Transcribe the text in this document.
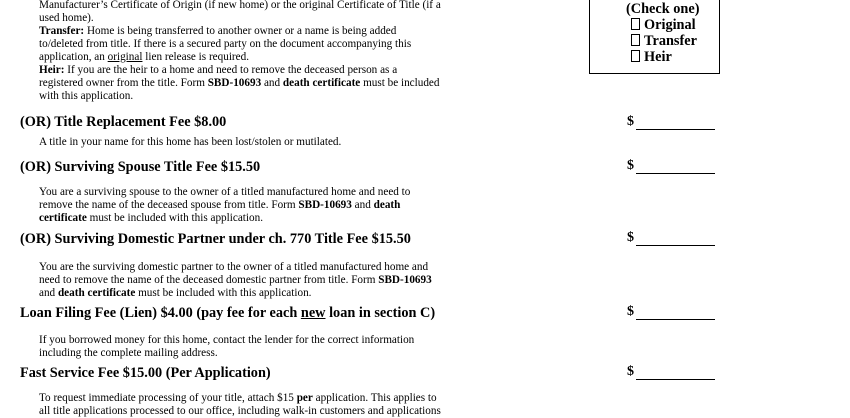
Manufacturer’s Certificate of Origin (if new home) or the original Certificate of Title (if a

used home).

Transfer: Home is being transferred to another owner or a name is being added

to/deleted from title. If there is a secured party on the document accompanying this

application, an original lien release is required.

Heir: If you are the heir to a home and need to remove the deceased person as a

registered owner from the title. Form SBD-10693 and death certificate must be included

with this application.

(Check one)
Original
Transfer
Heir
(OR) Title Replacement Fee $8.00	$

A title in your name for this home has been lost/stolen or mutilated.

(OR) Surviving Spouse Title Fee $15.50	$

You are a surviving spouse to the owner of a titled manufactured home and need to

remove the name of the deceased spouse from title. Form SBD-10693 and death

certificate must be included with this application.

(OR) Surviving Domestic Partner under ch. 770 Title Fee $15.50	$

You are the surviving domestic partner to the owner of a titled manufactured home and

need to remove the name of the deceased domestic partner from title. Form SBD-10693

and death certificate must be included with this application.

Loan Filing Fee (Lien) $4.00 (pay fee for each new loan in section C)	$

If you borrowed money for this home, contact the lender for the correct information

including the complete mailing address.

Fast Service Fee $15.00 (Per Application)	$

To request immediate processing of your title, attach $15 per application. This applies to

all title applications processed to our office, including walk-in customers and applications
